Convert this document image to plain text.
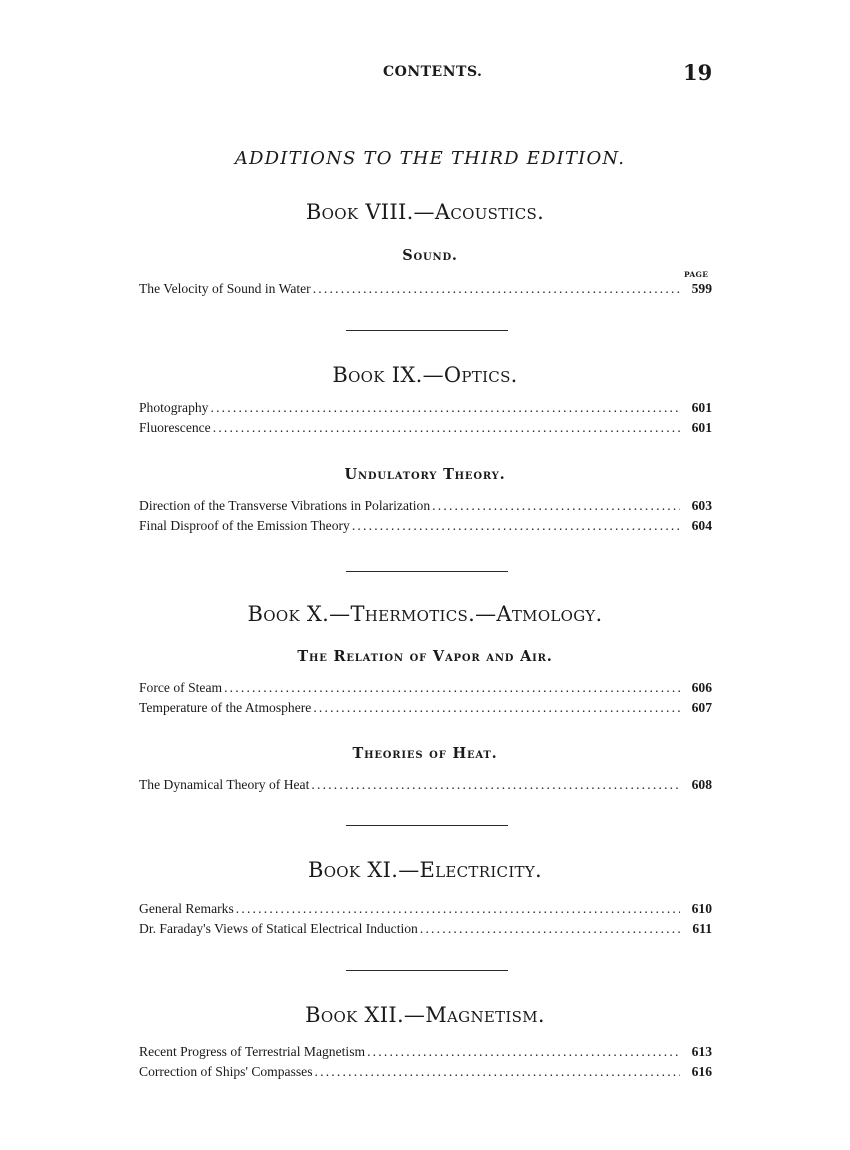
CONTENTS.	19
ADDITIONS TO THE THIRD EDITION.
Book VIII.—Acoustics.
Sound.
PAGE
The Velocity of Sound in Water .....	599
Book IX.—Optics.
Photography .....	601
Fluorescence .....	601
Undulatory Theory.
Direction of the Transverse Vibrations in Polarization .....	603
Final Disproof of the Emission Theory .....	604
Book X.—Thermotics.—Atmology.
The Relation of Vapor and Air.
Force of Steam .....	606
Temperature of the Atmosphere .....	607
Theories of Heat.
The Dynamical Theory of Heat .....	608
Book XI.—Electricity.
General Remarks .....	610
Dr. Faraday's Views of Statical Electrical Induction .....	611
Book XII.—Magnetism.
Recent Progress of Terrestrial Magnetism .....	613
Correction of Ships' Compasses .....	616
